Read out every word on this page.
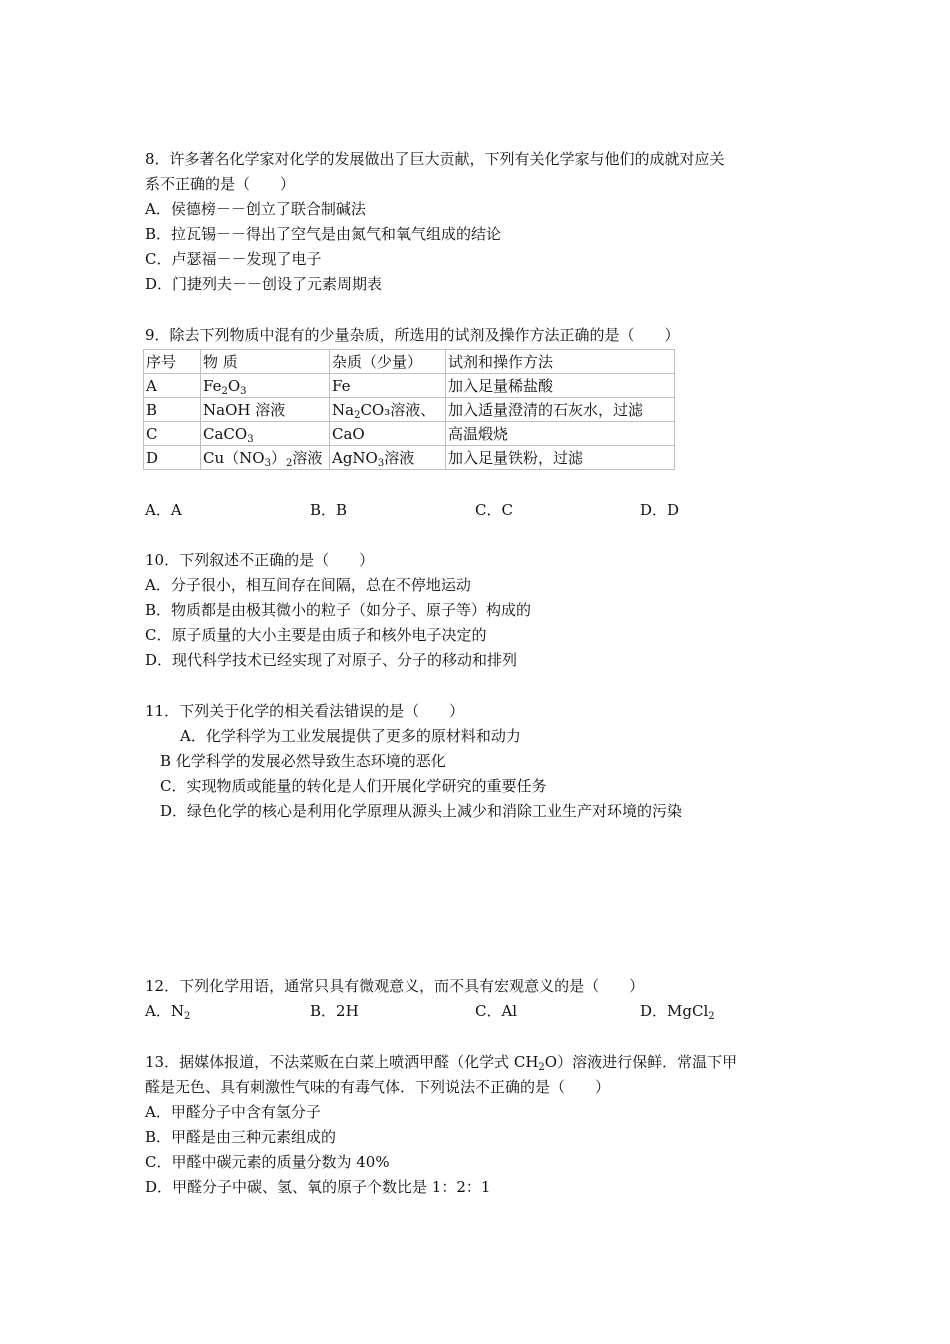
8．许多著名化学家对化学的发展做出了巨大贡献，下列有关化学家与他们的成就对应关
系不正确的是（　　）
A．侯德榜－－创立了联合制碱法
B．拉瓦锡－－得出了空气是由氮气和氧气组成的结论
C．卢瑟福－－发现了电子
D．门捷列夫－－创设了元素周期表
9．除去下列物质中混有的少量杂质，所选用的试剂及操作方法正确的是（　　）
序号	物 质	杂质（少量）	试剂和操作方法
A	$Fe_2O_3$	Fe	加入足量稀盐酸
B	NaOH 溶液	$Na_2CO_3$溶液、	加入适量澄清的石灰水，过滤
C	CaCO$_3$	CaO	高温煅烧
D	$Cu(NO_3)_2$溶液	AgNO$_3$溶液	加入足量铁粉，过滤
A．A	B．B	C．C	D．D
10．下列叙述不正确的是（　　）
A．分子很小，相互间存在间隔，总在不停地运动
B．物质都是由极其微小的粒子（如分子、原子等）构成的
C．原子质量的大小主要是由质子和核外电子决定的
D．现代科学技术已经实现了对原子、分子的移动和排列
11．下列关于化学的相关看法错误的是（　　）
A．化学科学为工业发展提供了更多的原材料和动力
B 化学科学的发展必然导致生态环境的恶化
C．实现物质或能量的转化是人们开展化学研究的重要任务
D．绿色化学的核心是利用化学原理从源头上减少和消除工业生产对环境的污染
12．下列化学用语，通常只具有微观意义，而不具有宏观意义的是（　　）
A．$N_2$	B．2H	C．Al	D．MgCl$_2$
13．据媒体报道，不法菜贩在白菜上喷洒甲醛（化学式 $CH_2O$）溶液进行保鲜．常温下甲
醛是无色、具有刺激性气味的有毒气体．下列说法不正确的是（　　）
A．甲醛分子中含有氢分子
B．甲醛是由三种元素组成的
C．甲醛中碳元素的质量分数为 40%
D．甲醛分子中碳、氢、氧的原子个数比是 1：2：1
